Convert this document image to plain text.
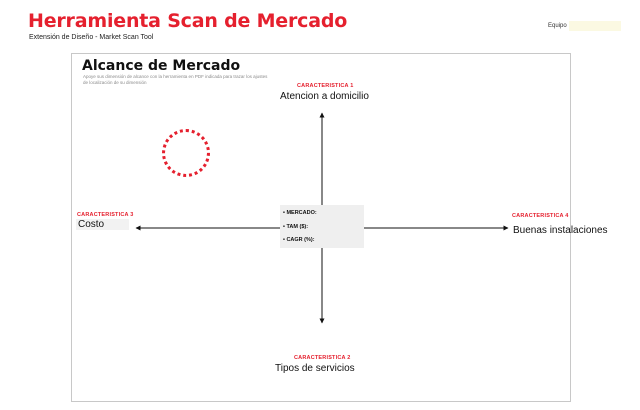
Herramienta Scan de Mercado
Extensión de Diseño - Market Scan Tool
Equipo
Alcance de Mercado
Apoye sus dimensión de alcance con la herramienta en PDF indicada para trazar los ajustes de localización de su dimensión
• MERCADO:
• TAM ($):
• CAGR (%):
CARACTERISTICA 1
Atencion a domicilio
CARACTERISTICA 2
Tipos de servicios
CARACTERISTICA 3
Costo
CARACTERISTICA 4
Buenas instalaciones
